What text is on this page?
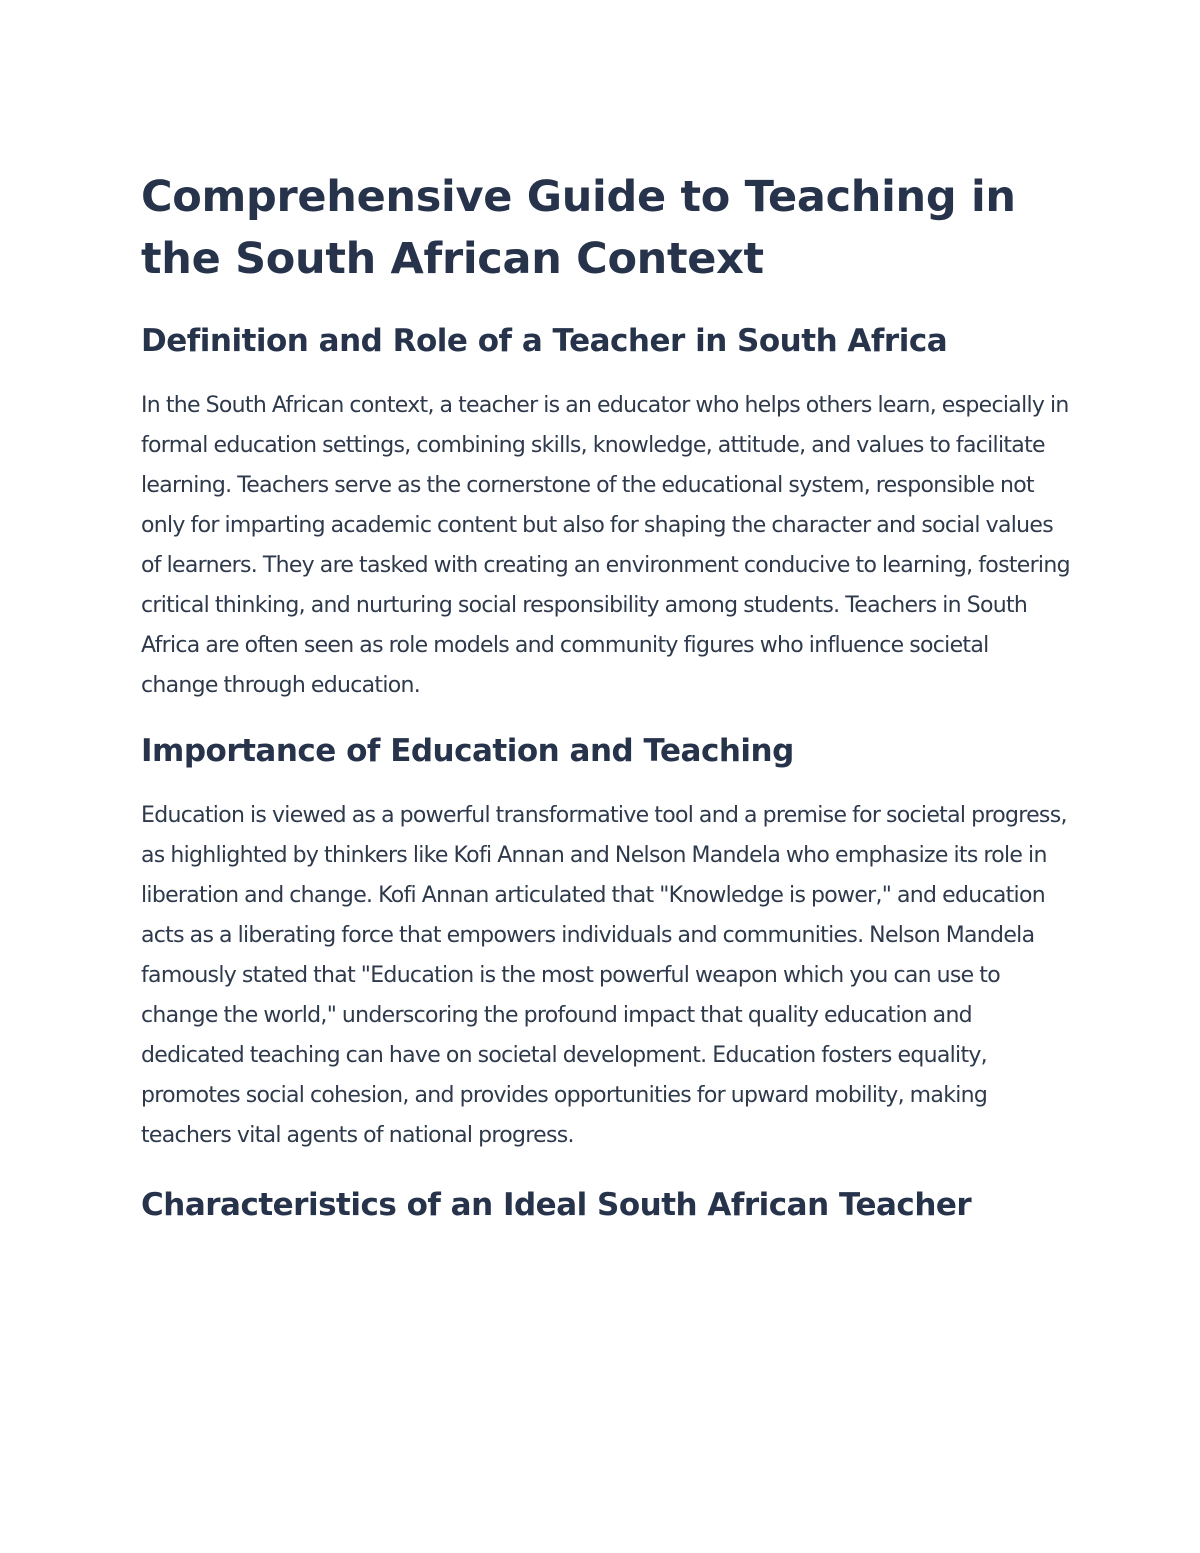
Comprehensive Guide to Teaching in the South African Context
Definition and Role of a Teacher in South Africa

In the South African context, a teacher is an educator who helps others learn, especially in formal education settings, combining skills, knowledge, attitude, and values to facilitate learning. Teachers serve as the cornerstone of the educational system, responsible not only for imparting academic content but also for shaping the character and social values of learners. They are tasked with creating an environment conducive to learning, fostering critical thinking, and nurturing social responsibility among students. Teachers in South Africa are often seen as role models and community figures who influence societal change through education.

Importance of Education and Teaching

Education is viewed as a powerful transformative tool and a premise for societal progress, as highlighted by thinkers like Kofi Annan and Nelson Mandela who emphasize its role in liberation and change. Kofi Annan articulated that "Knowledge is power," and education acts as a liberating force that empowers individuals and communities. Nelson Mandela famously stated that "Education is the most powerful weapon which you can use to change the world," underscoring the profound impact that quality education and dedicated teaching can have on societal development. Education fosters equality, promotes social cohesion, and provides opportunities for upward mobility, making teachers vital agents of national progress.

Characteristics of an Ideal South African Teacher
